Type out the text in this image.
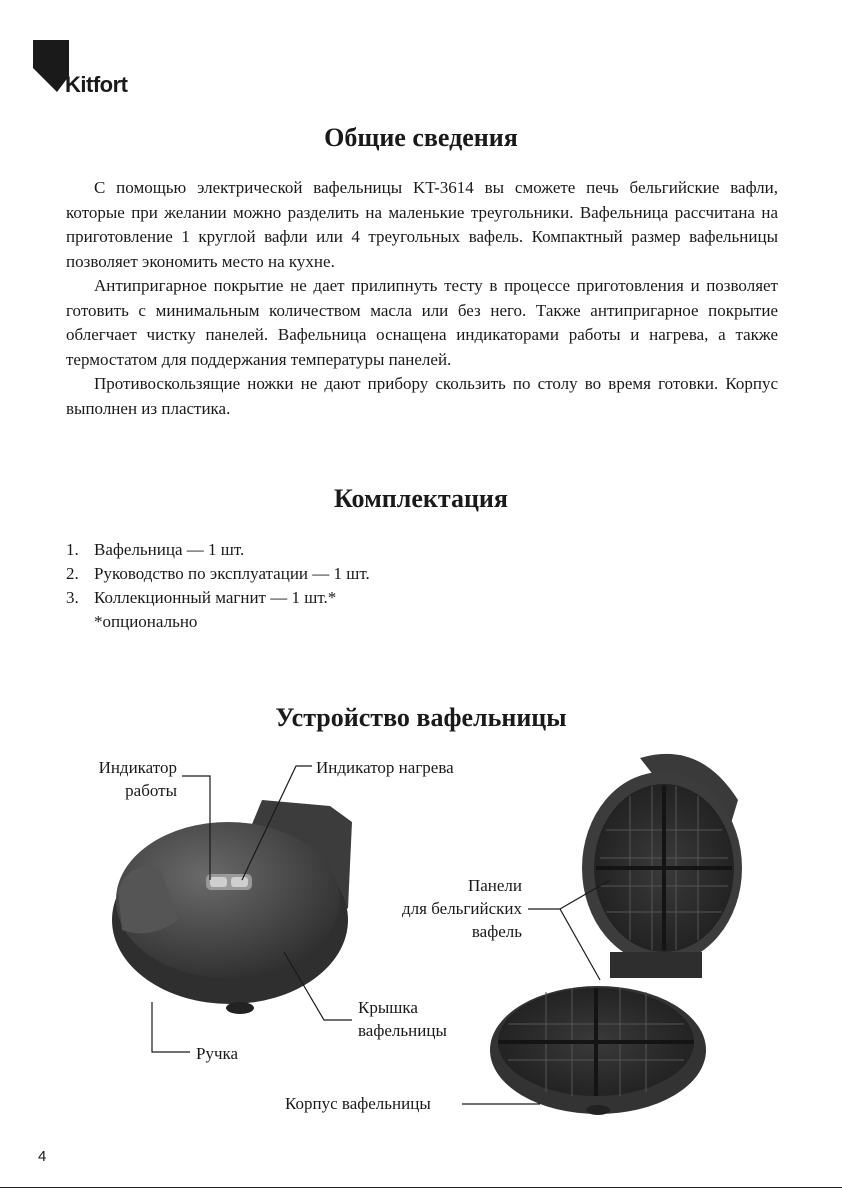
Kitfort
Общие сведения

С помощью электрической вафельницы KT-3614 вы сможете печь бельгийские вафли, которые при желании можно разделить на маленькие треугольники. Вафельница рассчитана на приготовление 1 круглой вафли или 4 треугольных вафель. Компактный размер вафельницы позволяет экономить место на кухне.

Антипригарное покрытие не дает прилипнуть тесту в процессе приготовления и позволяет готовить с минимальным количеством масла или без него. Также антипригарное покрытие облегчает чистку панелей. Вафельница оснащена индикаторами работы и нагрева, а также термостатом для поддержания температуры панелей.

Противоскользящие ножки не дают прибору скользить по столу во время готовки. Корпус выполнен из пластика.

Комплектация
1. Вафельница — 1 шт.
2. Руководство по эксплуатации — 1 шт.
3. Коллекционный магнит — 1 шт.*
*опционально
Устройство вафельницы
Индикатор
работы
Индикатор нагрева
Панели
для бельгийских
вафель
Крышка
вафельницы
Ручка
Корпус вафельницы
4
